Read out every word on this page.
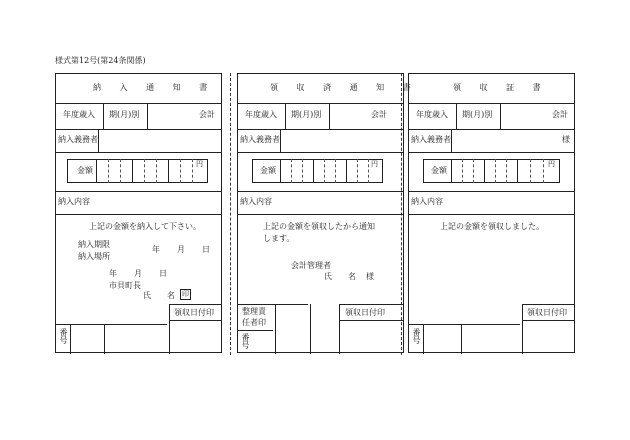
様式第12号(第24条関係)
納 入 通 知 書
年度歳入 期(月)別	会計
納入義務者
金額
円
納入内容
上記の金額を納入して下さい。
納入期限
納入場所
年 月 日
年 月 日
市貝町長
氏 名 印
領収日付印
番号
領 収 済 通 知 書
年度歳入 期(月)別	会計
納入義務者
金額
円
納入内容
上記の金額を領収したから通知
します。
会計管理者
氏 名 様
領収日付印
整理責
任者印
番号
領 収 証 書
年度歳入 期(月)別	会計
納入義務者	様
金額
円
納入内容
上記の金額を領収しました。
領収日付印
番号
